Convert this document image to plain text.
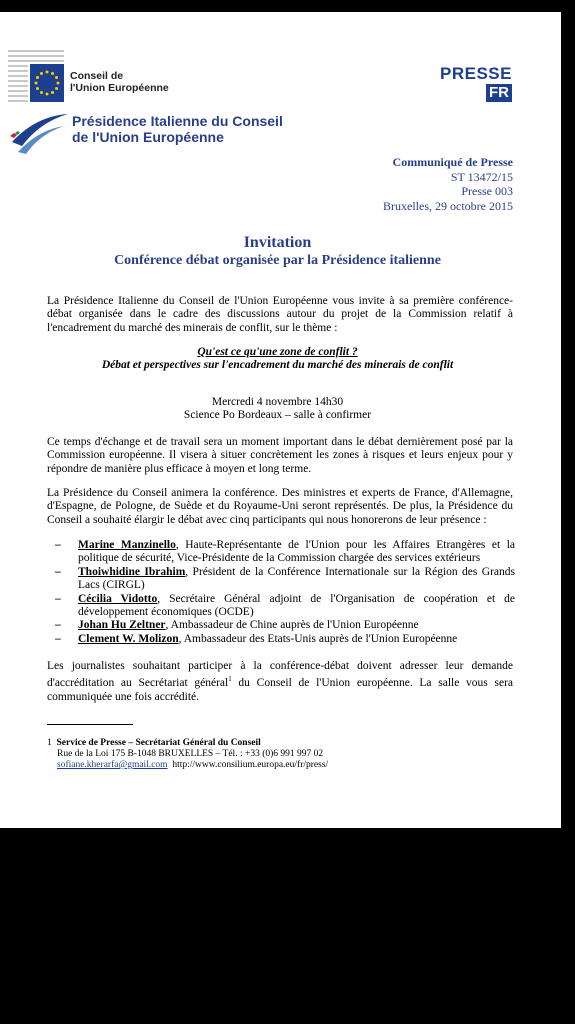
Conseil de
l'Union Européenne
PRESSE
FR
Présidence Italienne du Conseil
de l'Union Européenne
Communiqué de Presse
ST 13472/15
Presse 003
Bruxelles, 29 octobre 2015
Invitation
Conférence débat organisée par la Présidence italienne
La Présidence Italienne du Conseil de l'Union Européenne vous invite à sa première conférence-débat organisée dans le cadre des discussions autour du projet de la Commission relatif à l'encadrement du marché des minerais de conflit, sur le thème :
Qu'est ce qu'une zone de conflit ?
Débat et perspectives sur l'encadrement du marché des minerais de conflit
Mercredi 4 novembre 14h30
Science Po Bordeaux – salle à confirmer
Ce temps d'échange et de travail sera un moment important dans le débat dernièrement posé par la Commission européenne. Il visera à situer concrètement les zones à risques et leurs enjeux pour y répondre de manière plus efficace à moyen et long terme.
La Présidence du Conseil animera la conférence. Des ministres et experts de France, d'Allemagne, d'Espagne, de Pologne, de Suède et du Royaume-Uni seront représentés. De plus, la Présidence du Conseil a souhaité élargir le débat avec cinq participants qui nous honorerons de leur présence :
–	Marine Manzinello, Haute-Représentante de l'Union pour les Affaires Etrangères et la politique de sécurité, Vice-Présidente de la Commission chargée des services extérieurs
–	Thoiwhidine Ibrahim, Président de la Conférence Internationale sur la Région des Grands Lacs (CIRGL)
–	Cécilia Vidotto, Secrétaire Général adjoint de l'Organisation de coopération et de développement économiques (OCDE)
–	Johan Hu Zeltner, Ambassadeur de Chine auprès de l'Union Européenne
–	Clement W. Molizon, Ambassadeur des Etats-Unis auprès de l'Union Européenne
Les journalistes souhaitant participer à la conférence-débat doivent adresser leur demande d'accréditation au Secrétariat général$^1$ du Conseil de l'Union européenne. La salle vous sera communiquée une fois accrédité.
1 Service de Presse – Secrétariat Général du Conseil
Rue de la Loi 175 B-1048 BRUXELLES – Tél. : +33 (0)6 991 997 02
sofiane.kherarfa@gmail.com http://www.consilium.europa.eu/fr/press/
